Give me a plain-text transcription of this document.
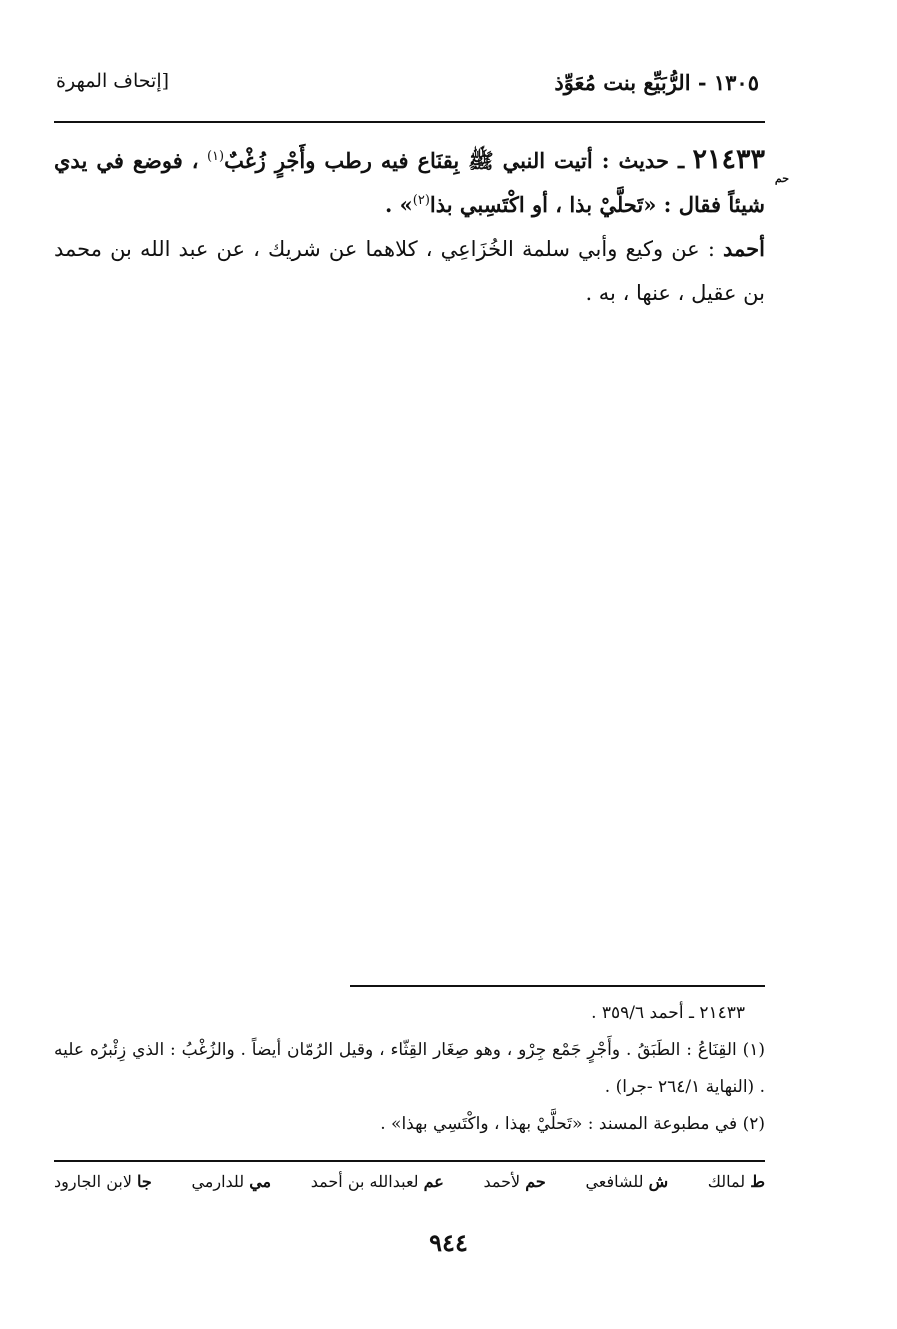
١٣٠٥ - الرُّبَيِّع بنت مُعَوِّذ
[إتحاف المهرة
حم

٢١٤٣٣ ـ حديث : أتيت النبي ﷺ بِقنَاع فيه رطب وأَجْرٍ زُغْبٌ$^{(١)}$ ، فوضع في يدي شيئاً فقال : «تَحلَّيْ بذا ، أو اكْتَسِبي بذا$^{(٢)}$» .

أحمد : عن وكيع وأبي سلمة الخُزَاعِي ، كلاهما عن شريك ، عن عبد الله بن محمد بن عقيل ، عنها ، به .

٢١٤٣٣ ـ أحمد ٣٥٩/٦ .

(١) القِنَاعُ : الطَبَقُ . وأَجْرٍ جَمْع جِرْو ، وهو صِغَار القِثّاء ، وقيل الرُمّان أيضاً . والزُغْبُ : الذي زِئْبرُه عليه . (النهاية ٢٦٤/١ -جرا) .

(٢) في مطبوعة المسند : «تَحلَّيْ بهذا ، واكْتَسِي بهذا» .

ط لمالك
ش للشافعي
حم لأحمد
عم لعبدالله بن أحمد
مي للدارمي
جا لابن الجارود
٩٤٤
